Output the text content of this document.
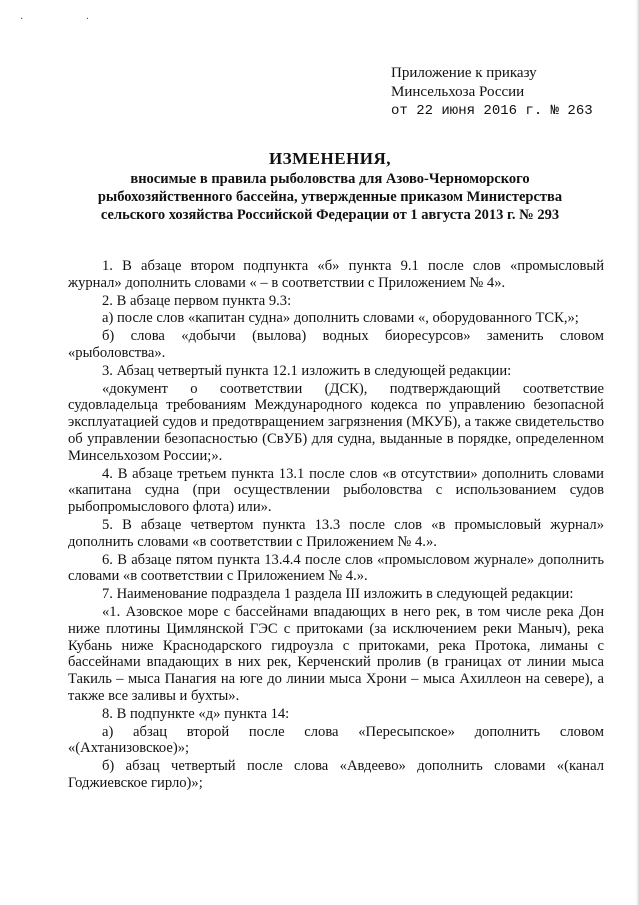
· ·
Приложение к приказу
Минсельхоза России
от 22 июня 2016 г. № 263
ИЗМЕНЕНИЯ,
вносимые в правила рыболовства для Азово-Черноморского
рыбохозяйственного бассейна, утвержденные приказом Министерства
сельского хозяйства Российской Федерации от 1 августа 2013 г. № 293

1. В абзаце втором подпункта «б» пункта 9.1 после слов «промысловый журнал» дополнить словами « – в соответствии с Приложением № 4».

2. В абзаце первом пункта 9.3:

а) после слов «капитан судна» дополнить словами «, оборудованного ТСК,»;

б) слова «добычи (вылова) водных биоресурсов» заменить словом «рыболовства».

3. Абзац четвертый пункта 12.1 изложить в следующей редакции:

«документ о соответствии (ДСК), подтверждающий соответствие судовладельца требованиям Международного кодекса по управлению безопасной эксплуатацией судов и предотвращением загрязнения (МКУБ), а также свидетельство об управлении безопасностью (СвУБ) для судна, выданные в порядке, определенном Минсельхозом России;».

4. В абзаце третьем пункта 13.1 после слов «в отсутствии» дополнить словами «капитана судна (при осуществлении рыболовства с использованием судов рыбопромыслового флота) или».

5. В абзаце четвертом пункта 13.3 после слов «в промысловый журнал» дополнить словами «в соответствии с Приложением № 4.».

6. В абзаце пятом пункта 13.4.4 после слов «промысловом журнале» дополнить словами «в соответствии с Приложением № 4.».

7. Наименование подраздела 1 раздела III изложить в следующей редакции:

«1. Азовское море с бассейнами впадающих в него рек, в том числе река Дон ниже плотины Цимлянской ГЭС с притоками (за исключением реки Маныч), река Кубань ниже Краснодарского гидроузла с притоками, река Протока, лиманы с бассейнами впадающих в них рек, Керченский пролив (в границах от линии мыса Такиль – мыса Панагия на юге до линии мыса Хрони – мыса Ахиллеон на севере), а также все заливы и бухты».

8. В подпункте «д» пункта 14:

а) абзац второй после слова «Пересыпское» дополнить словом «(Ахтанизовское)»;

б) абзац четвертый после слова «Авдеево» дополнить словами «(канал Годжиевское гирло)»;
